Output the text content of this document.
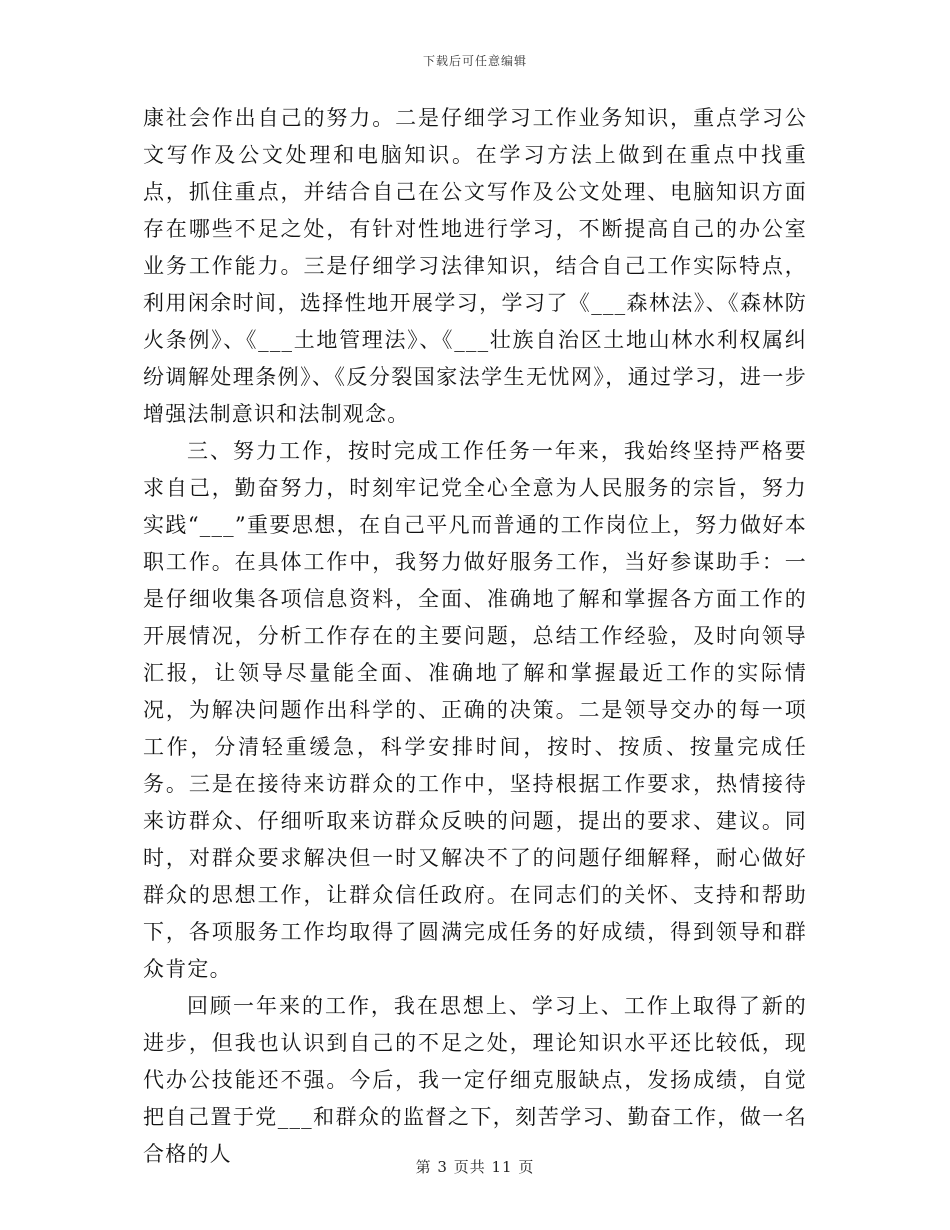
下载后可任意编辑

康社会作出自己的努力。二是仔细学习工作业务知识，重点学习公文写作及公文处理和电脑知识。在学习方法上做到在重点中找重点，抓住重点，并结合自己在公文写作及公文处理、电脑知识方面存在哪些不足之处，有针对性地进行学习，不断提高自己的办公室业务工作能力。三是仔细学习法律知识，结合自己工作实际特点，利用闲余时间，选择性地开展学习，学习了《___森林法》、《森林防火条例》、《___土地管理法》、《___壮族自治区土地山林水利权属纠纷调解处理条例》、《反分裂国家法学生无忧网》，通过学习，进一步增强法制意识和法制观念。

三、努力工作，按时完成工作任务一年来，我始终坚持严格要求自己，勤奋努力，时刻牢记党全心全意为人民服务的宗旨，努力实践“___”重要思想，在自己平凡而普通的工作岗位上，努力做好本职工作。在具体工作中，我努力做好服务工作，当好参谋助手：一是仔细收集各项信息资料，全面、准确地了解和掌握各方面工作的开展情况，分析工作存在的主要问题，总结工作经验，及时向领导汇报，让领导尽量能全面、准确地了解和掌握最近工作的实际情况，为解决问题作出科学的、正确的决策。二是领导交办的每一项工作，分清轻重缓急，科学安排时间，按时、按质、按量完成任务。三是在接待来访群众的工作中，坚持根据工作要求，热情接待来访群众、仔细听取来访群众反映的问题，提出的要求、建议。同时，对群众要求解决但一时又解决不了的问题仔细解释，耐心做好群众的思想工作，让群众信任政府。在同志们的关怀、支持和帮助下，各项服务工作均取得了圆满完成任务的好成绩，得到领导和群众肯定。

回顾一年来的工作，我在思想上、学习上、工作上取得了新的进步，但我也认识到自己的不足之处，理论知识水平还比较低，现代办公技能还不强。今后，我一定仔细克服缺点，发扬成绩，自觉把自己置于党___和群众的监督之下，刻苦学习、勤奋工作，做一名合格的人

第 3 页共 11 页
